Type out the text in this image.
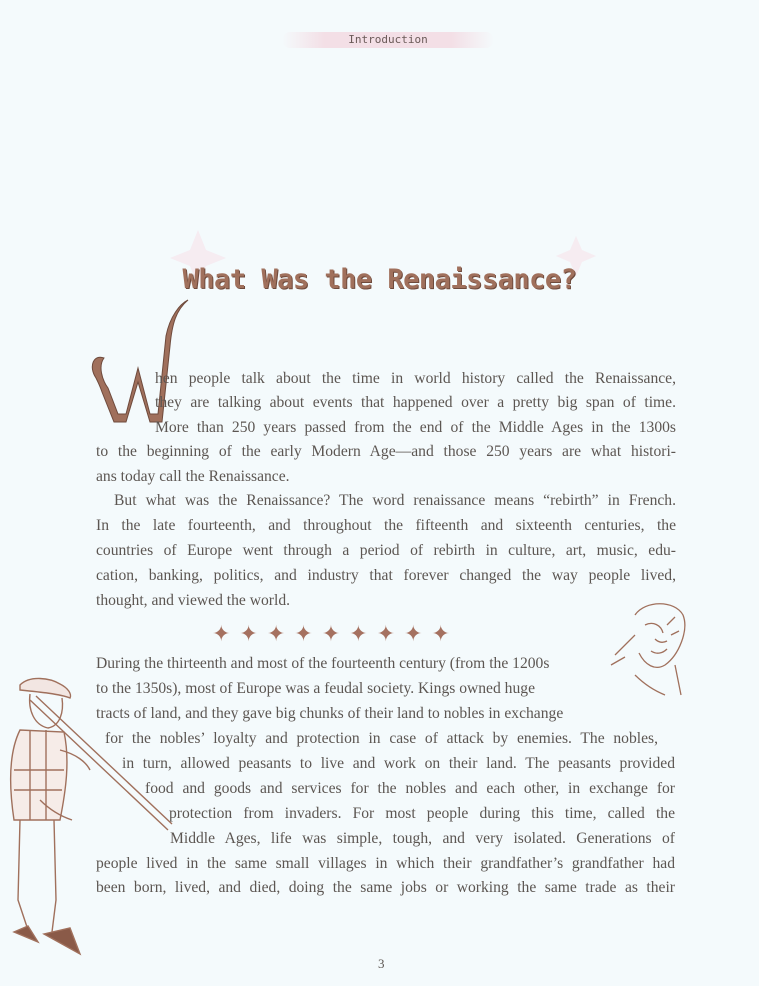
Introduction
What Was the Renaissance?
hen people talk about the time in world history called the Renaissance,
they are talking about events that happened over a pretty big span of time.
More than 250 years passed from the end of the Middle Ages in the 1300s
to the beginning of the early Modern Age—and those 250 years are what histori-
ans today call the Renaissance.
But what was the Renaissance? The word renaissance means “rebirth” in French.
In the late fourteenth, and throughout the fifteenth and sixteenth centuries, the
countries of Europe went through a period of rebirth in culture, art, music, edu-
cation, banking, politics, and industry that forever changed the way people lived,
thought, and viewed the world.
✦✦✦✦✦✦✦✦✦
During the thirteenth and most of the fourteenth century (from the 1200s
to the 1350s), most of Europe was a feudal society. Kings owned huge
tracts of land, and they gave big chunks of their land to nobles in exchange
for the nobles’ loyalty and protection in case of attack by enemies. The nobles,
in turn, allowed peasants to live and work on their land. The peasants provided
food and goods and services for the nobles and each other, in exchange for
protection from invaders. For most people during this time, called the
Middle Ages, life was simple, tough, and very isolated. Generations of
people lived in the same small villages in which their grandfather’s grandfather had
been born, lived, and died, doing the same jobs or working the same trade as their
3
